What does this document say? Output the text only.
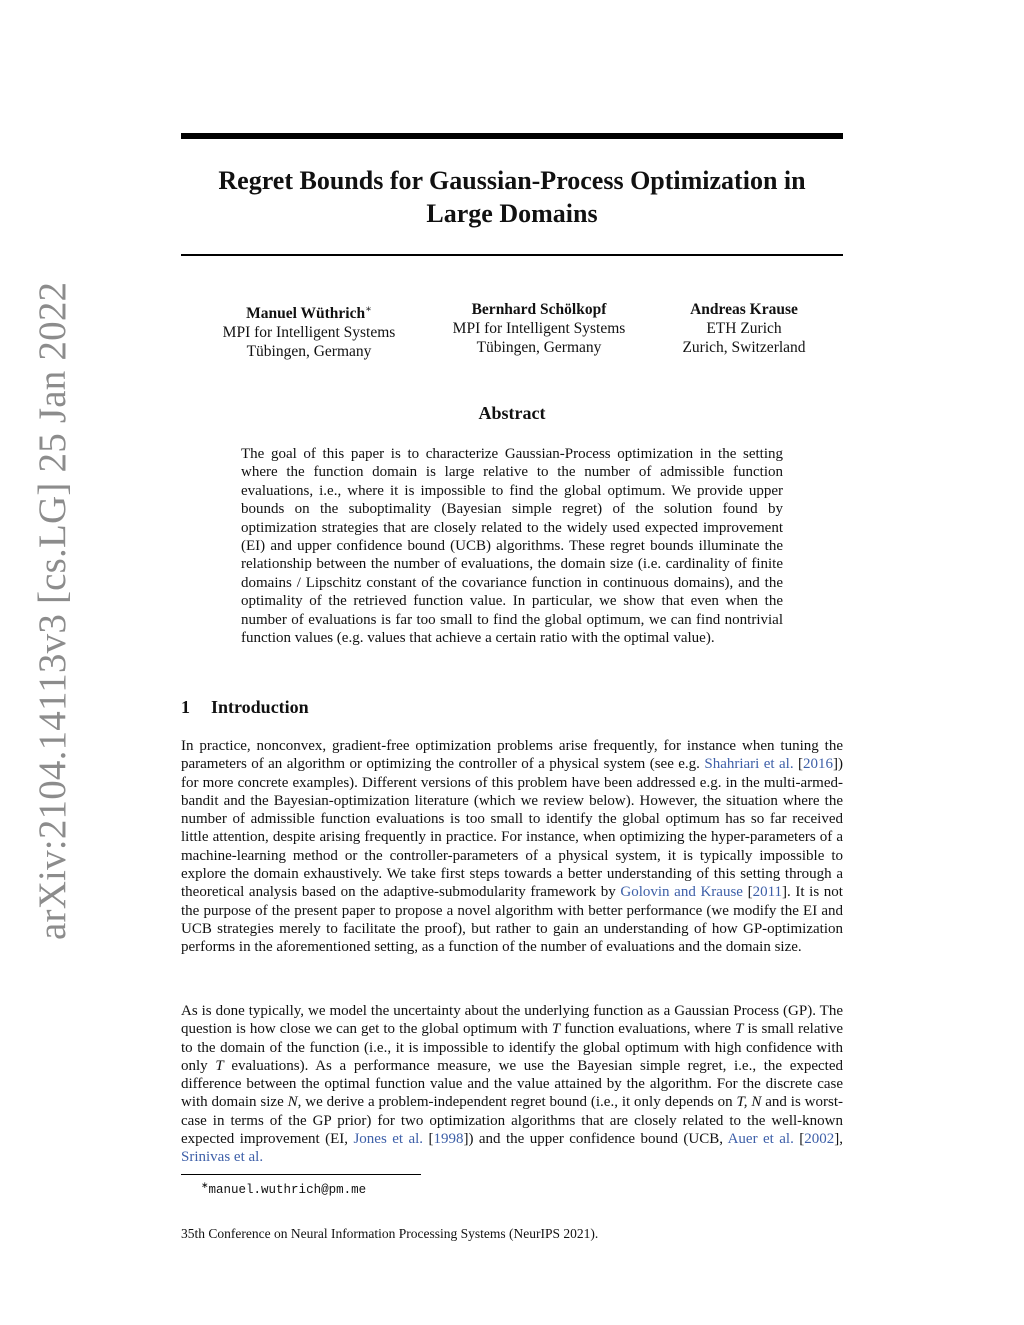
arXiv:2104.14113v3 [cs.LG] 25 Jan 2022
Regret Bounds for Gaussian-Process Optimization in
Large Domains
Manuel Wüthrich∗
MPI for Intelligent Systems
Tübingen, Germany
Bernhard Schölkopf
MPI for Intelligent Systems
Tübingen, Germany
Andreas Krause
ETH Zurich
Zurich, Switzerland
Abstract

The goal of this paper is to characterize Gaussian-Process optimization in the setting where the function domain is large relative to the number of admissible function evaluations, i.e., where it is impossible to find the global optimum. We provide upper bounds on the suboptimality (Bayesian simple regret) of the solution found by optimization strategies that are closely related to the widely used expected improvement (EI) and upper confidence bound (UCB) algorithms. These regret bounds illuminate the relationship between the number of evaluations, the domain size (i.e. cardinality of finite domains / Lipschitz constant of the covariance function in continuous domains), and the optimality of the retrieved function value. In particular, we show that even when the number of evaluations is far too small to find the global optimum, we can find nontrivial function values (e.g. values that achieve a certain ratio with the optimal value).

1 Introduction

In practice, nonconvex, gradient-free optimization problems arise frequently, for instance when tuning the parameters of an algorithm or optimizing the controller of a physical system (see e.g. Shahriari et al. [2016]) for more concrete examples). Different versions of this problem have been addressed e.g. in the multi-armed-bandit and the Bayesian-optimization literature (which we review below). However, the situation where the number of admissible function evaluations is too small to identify the global optimum has so far received little attention, despite arising frequently in practice. For instance, when optimizing the hyper-parameters of a machine-learning method or the controller-parameters of a physical system, it is typically impossible to explore the domain exhaustively. We take first steps towards a better understanding of this setting through a theoretical analysis based on the adaptive-submodularity framework by Golovin and Krause [2011]. It is not the purpose of the present paper to propose a novel algorithm with better performance (we modify the EI and UCB strategies merely to facilitate the proof), but rather to gain an understanding of how GP-optimization performs in the aforementioned setting, as a function of the number of evaluations and the domain size.

As is done typically, we model the uncertainty about the underlying function as a Gaussian Process (GP). The question is how close we can get to the global optimum with T function evaluations, where T is small relative to the domain of the function (i.e., it is impossible to identify the global optimum with high confidence with only T evaluations). As a performance measure, we use the Bayesian simple regret, i.e., the expected difference between the optimal function value and the value attained by the algorithm. For the discrete case with domain size N, we derive a problem-independent regret bound (i.e., it only depends on T, N and is worst-case in terms of the GP prior) for two optimization algorithms that are closely related to the well-known expected improvement (EI, Jones et al. [1998]) and the upper confidence bound (UCB, Auer et al. [2002], Srinivas et al.

∗manuel.wuthrich@pm.me

35th Conference on Neural Information Processing Systems (NeurIPS 2021).
